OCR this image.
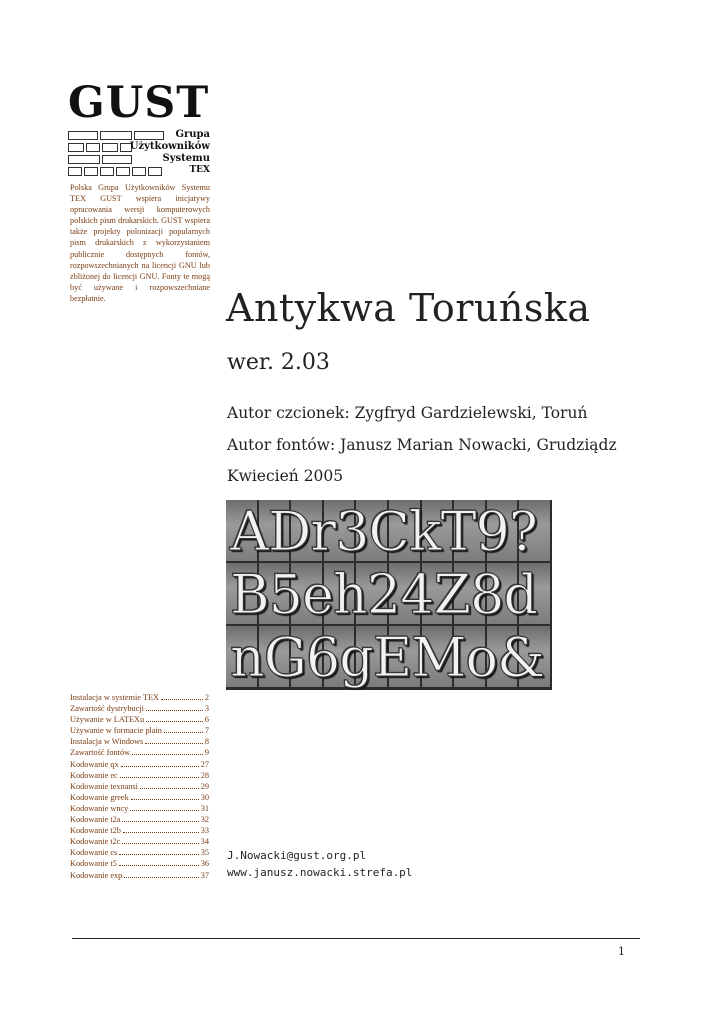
GUST
Grupa
Użytkowników
Systemu
TEX
Polska Grupa Użytkowników Systemu TEX GUST wspiera inicjatywy opracowania wersji komputerowych polskich pism drukarskich. GUST wspiera także projekty polonizacji popularnych pism drukarskich z wykorzystaniem publicznie dostępnych fontów, rozpowszechnianych na licencji GNU lub zbliżonej do licencji GNU. Fonty te mogą być używane i rozpowszechniane bezpłatnie.	Antykwa Toruńska
wer. 2.03
Autor czcionek: Zygfryd Gardzielewski, Toruń
Autor fontów: Janusz Marian Nowacki, Grudziądz
Kwiecień 2005
ADr3CkT9?
B5eh24Z8d
nG6gEMo&
Instalacja w systemie TEX	2
Zawartość dystrybucji	3
Używanie w LATEXu	6
Używanie w formacie plain	7
Instalacja w Windows	8
Zawartość fontów	9
Kodowanie qx	27
Kodowanie ec	28
Kodowanie texnansi	29
Kodowanie greek	30
Kodowanie wncy	31
Kodowanie t2a	32
Kodowanie t2b	33
Kodowanie t2c	34
Kodowanie cs	35
Kodowanie t5	36
Kodowanie exp	37
J.Nowacki@gust.org.pl
www.janusz.nowacki.strefa.pl
1
